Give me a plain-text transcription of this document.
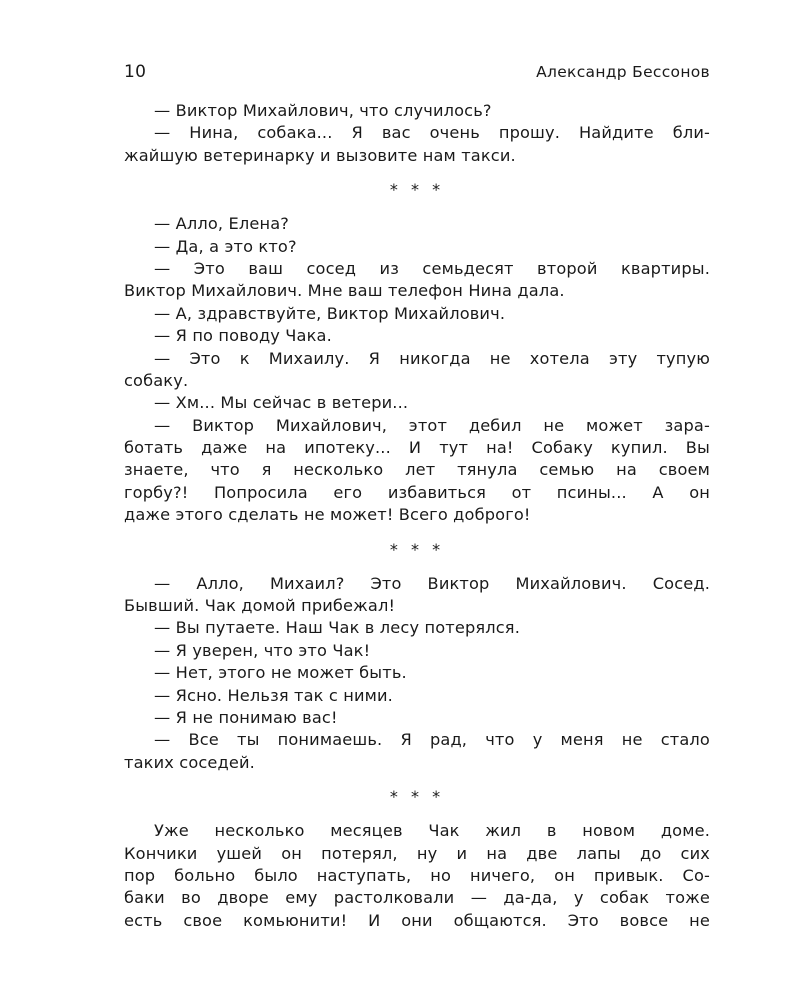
10	Александр Бессонов
— Виктор Михайлович, что случилось?
— Нина, собака... Я вас очень прошу. Найдите бли-
жайшую ветеринарку и вызовите нам такси.
* * *
— Алло, Елена?
— Да, а это кто?
— Это ваш сосед из семьдесят второй квартиры.
Виктор Михайлович. Мне ваш телефон Нина дала.
— А, здравствуйте, Виктор Михайлович.
— Я по поводу Чака.
— Это к Михаилу. Я никогда не хотела эту тупую
собаку.
— Хм... Мы сейчас в ветери...
— Виктор Михайлович, этот дебил не может зара-
ботать даже на ипотеку... И тут на! Собаку купил. Вы
знаете, что я несколько лет тянула семью на своем
горбу?! Попросила его избавиться от псины... А он
даже этого сделать не может! Всего доброго!
* * *
— Алло, Михаил? Это Виктор Михайлович. Сосед.
Бывший. Чак домой прибежал!
— Вы путаете. Наш Чак в лесу потерялся.
— Я уверен, что это Чак!
— Нет, этого не может быть.
— Ясно. Нельзя так с ними.
— Я не понимаю вас!
— Все ты понимаешь. Я рад, что у меня не стало
таких соседей.
* * *
Уже несколько месяцев Чак жил в новом доме.
Кончики ушей он потерял, ну и на две лапы до сих
пор больно было наступать, но ничего, он привык. Со-
баки во дворе ему растолковали — да-да, у собак тоже
есть свое комьюнити! И они общаются. Это вовсе не
